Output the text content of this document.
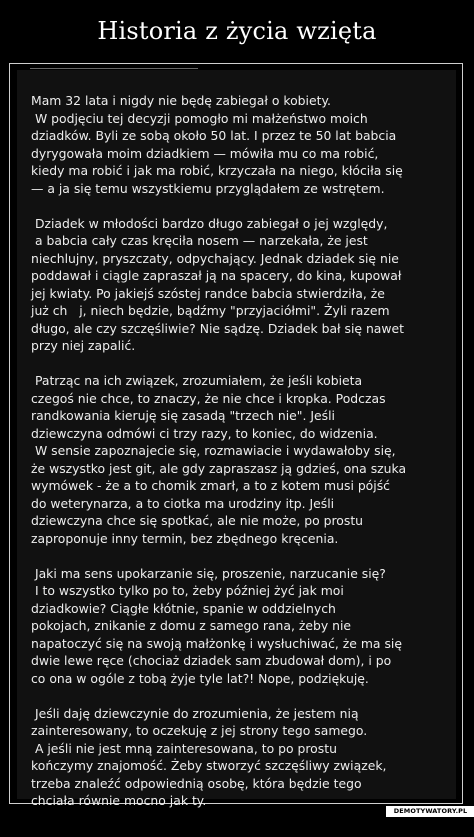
Historia z życia wzięta
Mam 32 lata i nigdy nie będę zabiegał o kobiety.
W podjęciu tej decyzji pomogło mi małżeństwo moich
dziadków. Byli ze sobą około 50 lat. I przez te 50 lat babcia
dyrygowała moim dziadkiem — mówiła mu co ma robić,
kiedy ma robić i jak ma robić, krzyczała na niego, kłóciła się
— a ja się temu wszystkiemu przyglądałem ze wstrętem.
Dziadek w młodości bardzo długo zabiegał o jej względy,
a babcia cały czas kręciła nosem — narzekała, że jest
niechlujny, pryszczaty, odpychający. Jednak dziadek się nie
poddawał i ciągle zapraszał ją na spacery, do kina, kupował
jej kwiaty. Po jakiejś szóstej randce babcia stwierdziła, że
już ch   j, niech będzie, bądźmy "przyjaciółmi". Żyli razem
długo, ale czy szczęśliwie? Nie sądzę. Dziadek bał się nawet
przy niej zapalić.
Patrząc na ich związek, zrozumiałem, że jeśli kobieta
czegoś nie chce, to znaczy, że nie chce i kropka. Podczas
randkowania kieruję się zasadą "trzech nie". Jeśli
dziewczyna odmówi ci trzy razy, to koniec, do widzenia.
W sensie zapoznajecie się, rozmawiacie i wydawałoby się,
że wszystko jest git, ale gdy zapraszasz ją gdzieś, ona szuka
wymówek - że a to chomik zmarł, a to z kotem musi pójść
do weterynarza, a to ciotka ma urodziny itp. Jeśli
dziewczyna chce się spotkać, ale nie może, po prostu
zaproponuje inny termin, bez zbędnego kręcenia.
Jaki ma sens upokarzanie się, proszenie, narzucanie się?
I to wszystko tylko po to, żeby później żyć jak moi
dziadkowie? Ciągłe kłótnie, spanie w oddzielnych
pokojach, znikanie z domu z samego rana, żeby nie
napatoczyć się na swoją małżonkę i wysłuchiwać, że ma się
dwie lewe ręce (chociaż dziadek sam zbudował dom), i po
co ona w ogóle z tobą żyje tyle lat?! Nope, podziękuję.
Jeśli daję dziewczynie do zrozumienia, że jestem nią
zainteresowany, to oczekuję z jej strony tego samego.
A jeśli nie jest mną zainteresowana, to po prostu
kończymy znajomość. Żeby stworzyć szczęśliwy związek,
trzeba znaleźć odpowiednią osobę, która będzie tego
chciała równie mocno jak ty.
DEMOTYWATORY.PL
